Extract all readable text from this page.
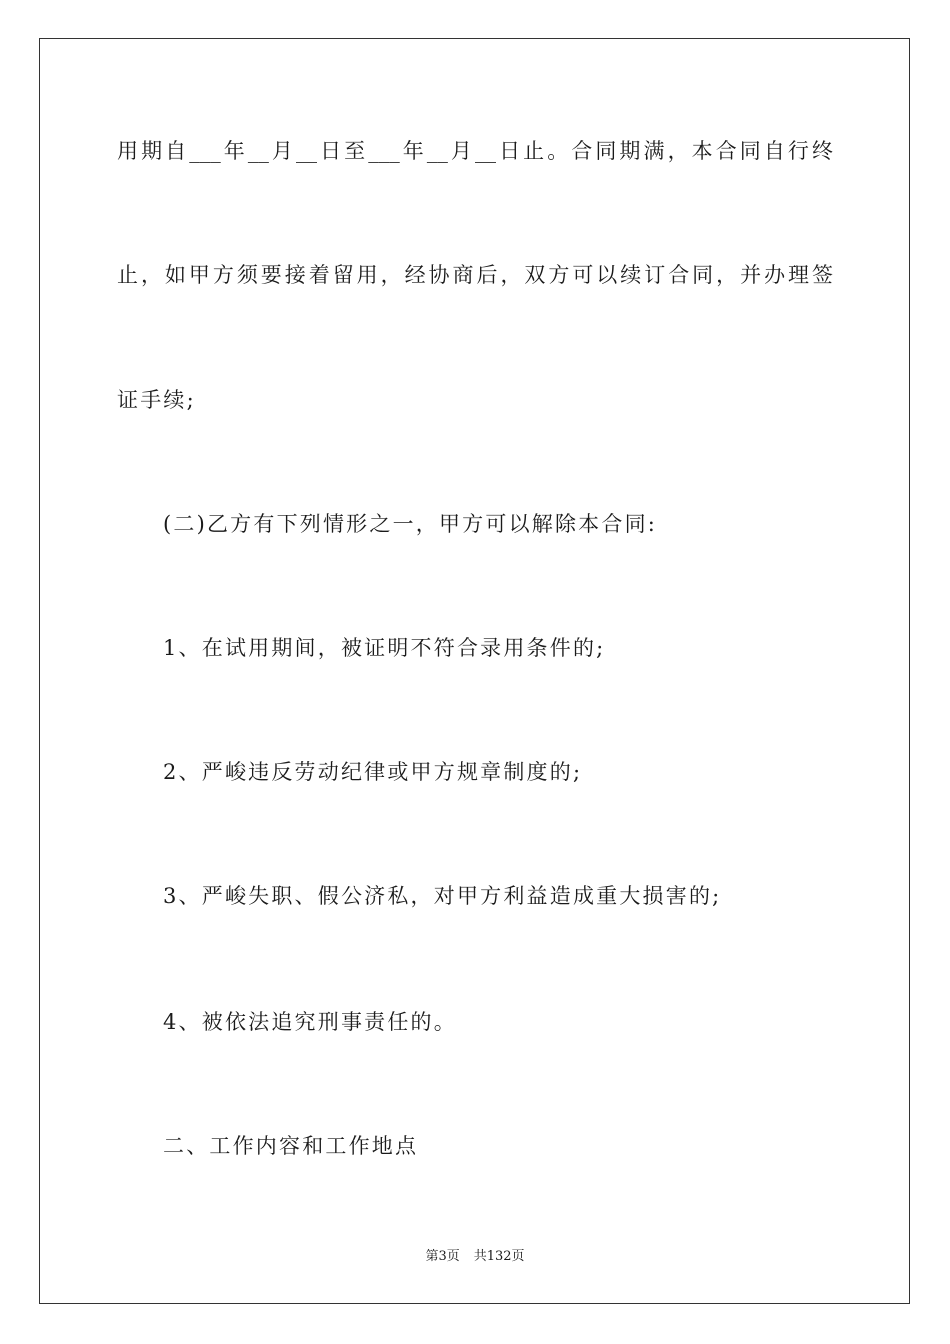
用期自___年__月__日至___年__月__日止。合同期满，本合同自行终
止，如甲方须要接着留用，经协商后，双方可以续订合同，并办理签
证手续;
(二)乙方有下列情形之一，甲方可以解除本合同:
1、在试用期间，被证明不符合录用条件的;
2、严峻违反劳动纪律或甲方规章制度的;
3、严峻失职、假公济私，对甲方利益造成重大损害的;
4、被依法追究刑事责任的。
二、工作内容和工作地点
第3页 共132页
